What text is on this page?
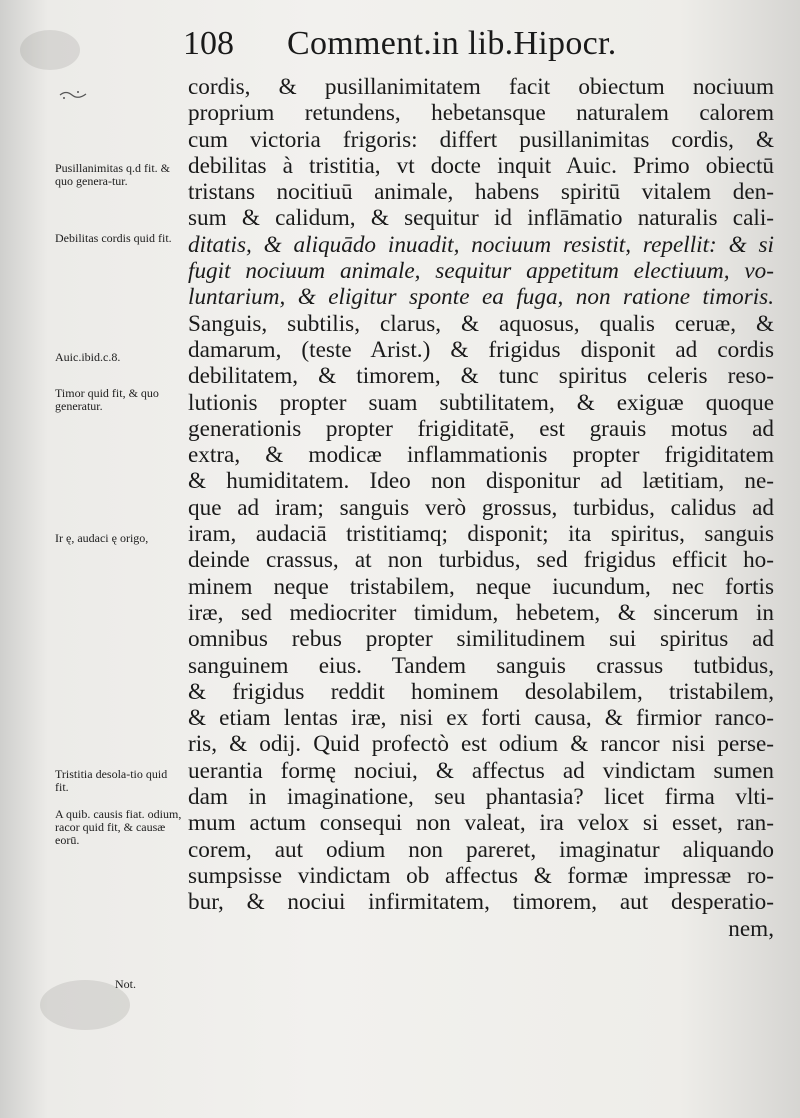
108 Comment.in lib.Hipocr.
Pusillanimitas q.d fit. & quo genera-tur.
Debilitas cordis quid fit.
Auic.ibid.c.8.
Timor quid fit, & quo generatur.
Ir ę, audaci ę origo,
Tristitia desola-tio quid fit.
A quib. causis fiat. odium, racor quid fit, & causæ eorū.
Not.
cordis, & pusillanimitatem facit obiectum nociuum
proprium retundens, hebetansque naturalem calorem
cum victoria frigoris: differt pusillanimitas cordis, &
debilitas à tristitia, vt docte inquit Auic. Primo obiectū
tristans nocitiuū animale, habens spiritū vitalem den-
sum & calidum, & sequitur id inflāmatio naturalis cali-
ditatis, & aliquādo inuadit, nociuum resistit, repellit: & si
fugit nociuum animale, sequitur appetitum electiuum, vo-
luntarium, & eligitur sponte ea fuga, non ratione timoris.
Sanguis, subtilis, clarus, & aquosus, qualis ceruæ, &
damarum, (teste Arist.) & frigidus disponit ad cordis
debilitatem, & timorem, & tunc spiritus celeris reso-
lutionis propter suam subtilitatem, & exiguæ quoque
generationis propter frigiditatē, est grauis motus ad
extra, & modicæ inflammationis propter frigiditatem
& humiditatem. Ideo non disponitur ad lætitiam, ne-
que ad iram; sanguis verò grossus, turbidus, calidus ad
iram, audaciā tristitiamq; disponit; ita spiritus, sanguis
deinde crassus, at non turbidus, sed frigidus efficit ho-
minem neque tristabilem, neque iucundum, nec fortis
iræ, sed mediocriter timidum, hebetem, & sincerum in
omnibus rebus propter similitudinem sui spiritus ad
sanguinem eius. Tandem sanguis crassus tutbidus,
& frigidus reddit hominem desolabilem, tristabilem,
& etiam lentas iræ, nisi ex forti causa, & firmior ranco-
ris, & odij. Quid profectò est odium & rancor nisi perse-
uerantia formę nociui, & affectus ad vindictam sumen
dam in imaginatione, seu phantasia? licet firma vlti-
mum actum consequi non valeat, ira velox si esset, ran-
corem, aut odium non pareret, imaginatur aliquando
sumpsisse vindictam ob affectus & formæ impressæ ro-
bur, & nociui infirmitatem, timorem, aut desperatio-
nem,
